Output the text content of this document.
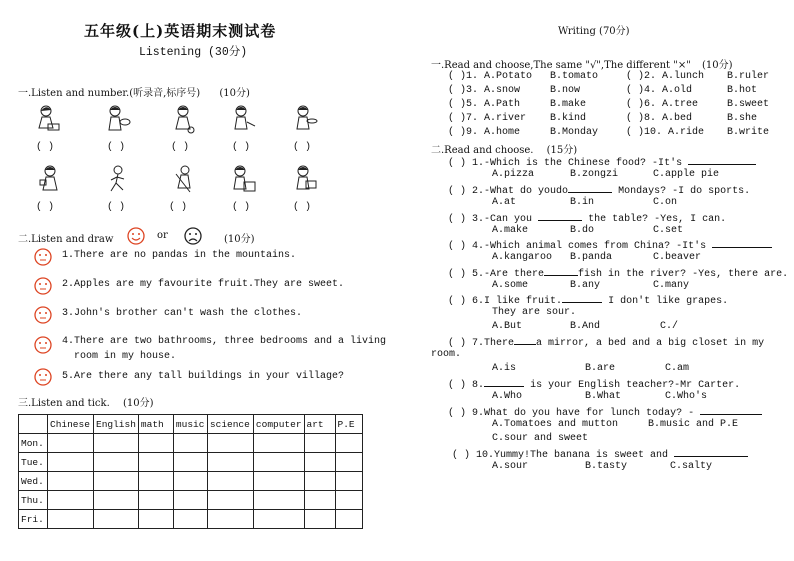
五年级(上)英语期末测试卷
Listening (30分)
一.Listen and number.(听录音,标序号) (10分)
( )	( )	( )	( )	( )
( )	( )	( )	( )	( )
二.Listen and draw	or	(10分)
1.There are no pandas in the mountains.
2.Apples are my favourite fruit.They are sweet.
3.John's brother can't wash the clothes.
4.There are two bathrooms, three bedrooms and a living
room in my house.
5.Are there any tall buildings in your village?
三.Listen and tick. (10分)
	Chinese	English	math	music	science	computer	art	P.E
Mon.								
Tue.								
Wed.								
Thu.								
Fri.								
Writing (70分)
一.Read and choose,The same "√",The different "×" (10分)
( )1. A.Potato B.tomato	( )2. A.lunch B.ruler
( )3. A.snow	B.now	( )4. A.old	B.hot
( )5. A.Path	B.make	( )6. A.tree	B.sweet
( )7. A.river B.kind	( )8. A.bed	B.she
( )9. A.home	B.Monday	( )10. A.ride B.write
二.Read and choose. (15分)
( ) 1.-Which is the Chinese food? -It's
A.pizza	B.zongzi	C.apple pie
( ) 2.-What do youdo	Mondays? -I do sports.
A.at	B.in	C.on
( ) 3.-Can you	the table? -Yes, I can.
A.make	B.do	C.set
( ) 4.-Which animal comes from China? -It's
A.kangaroo B.panda	C.beaver
( ) 5.-Are there	fish in the river? -Yes, there are.
A.some	B.any	C.many
( ) 6.I like fruit.	I don't like grapes.
They are sour.
A.But	B.And	C./
( ) 7.There a mirror, a bed and a big closet in my
room.
A.is	B.are	C.am
( ) 8.	is your English teacher?-Mr Carter.
A.Who	B.What	C.Who's
( ) 9.What do you have for lunch today? -
A.Tomatoes and mutton	B.music and P.E
C.sour and sweet
( ) 10.Yummy!The banana is sweet and
A.sour	B.tasty	C.salty
